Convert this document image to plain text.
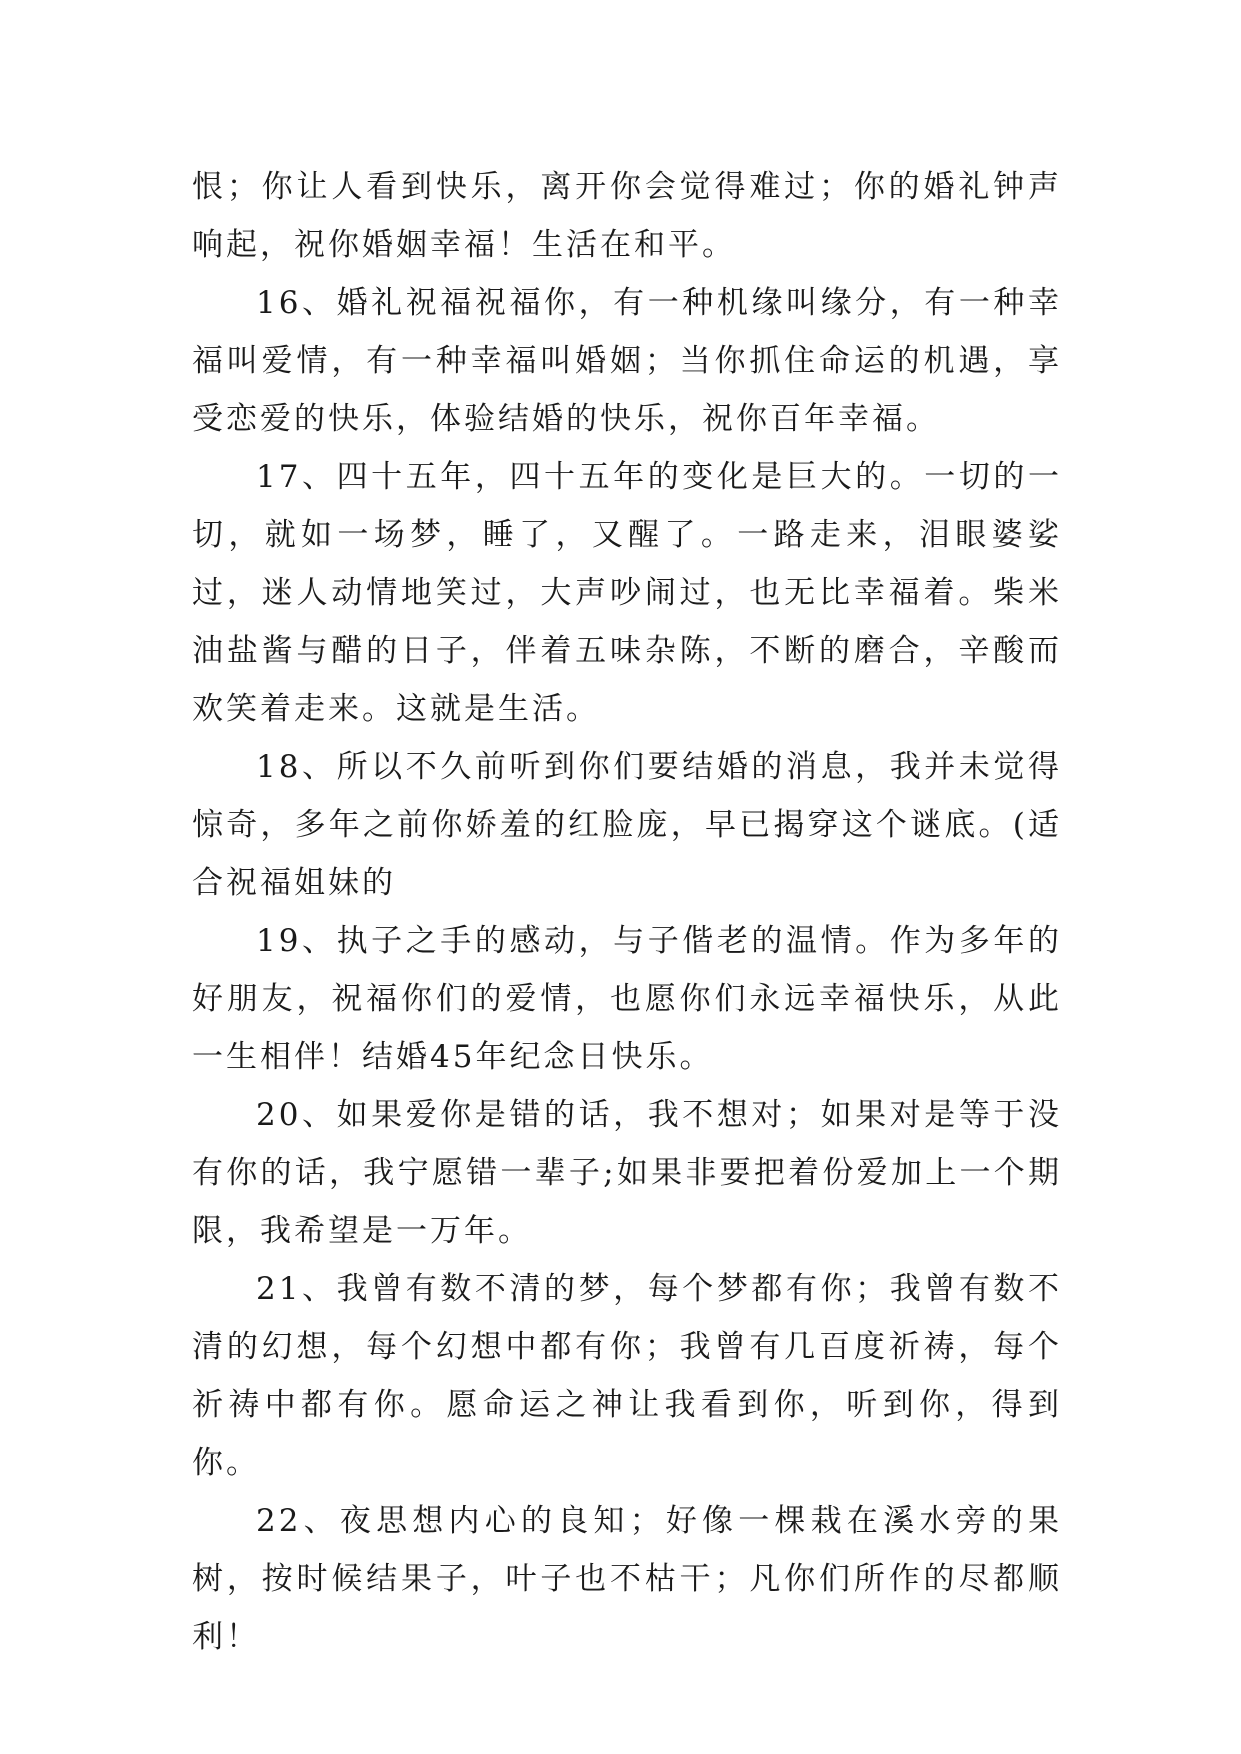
恨；你让人看到快乐，离开你会觉得难过；你的婚礼钟声响起，祝你婚姻幸福！生活在和平。

16、婚礼祝福祝福你，有一种机缘叫缘分，有一种幸福叫爱情，有一种幸福叫婚姻；当你抓住命运的机遇，享受恋爱的快乐，体验结婚的快乐，祝你百年幸福。

17、四十五年，四十五年的变化是巨大的。一切的一切，就如一场梦，睡了，又醒了。一路走来，泪眼婆娑过，迷人动情地笑过，大声吵闹过，也无比幸福着。柴米油盐酱与醋的日子，伴着五味杂陈，不断的磨合，辛酸而欢笑着走来。这就是生活。

18、所以不久前听到你们要结婚的消息，我并未觉得惊奇，多年之前你娇羞的红脸庞，早已揭穿这个谜底。(适合祝福姐妹的

19、执子之手的感动，与子偕老的温情。作为多年的好朋友，祝福你们的爱情，也愿你们永远幸福快乐，从此一生相伴！结婚45年纪念日快乐。

20、如果爱你是错的话，我不想对；如果对是等于没有你的话，我宁愿错一辈子;如果非要把着份爱加上一个期限，我希望是一万年。

21、我曾有数不清的梦，每个梦都有你；我曾有数不清的幻想，每个幻想中都有你；我曾有几百度祈祷，每个祈祷中都有你。愿命运之神让我看到你，听到你，得到你。

22、夜思想内心的良知；好像一棵栽在溪水旁的果树，按时候结果子，叶子也不枯干；凡你们所作的尽都顺利！
